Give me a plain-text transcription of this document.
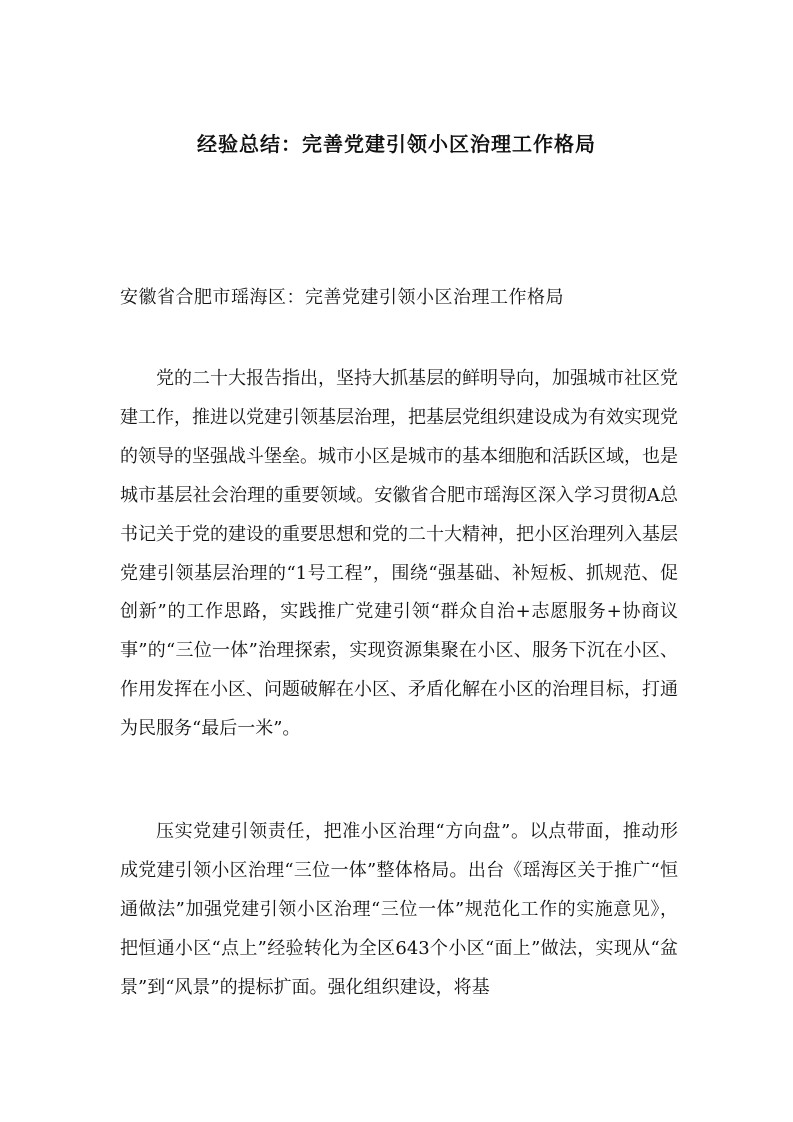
经验总结：完善党建引领小区治理工作格局
安徽省合肥市瑶海区：完善党建引领小区治理工作格局

党的二十大报告指出，坚持大抓基层的鲜明导向，加强城市社区党建工作，推进以党建引领基层治理，把基层党组织建设成为有效实现党的领导的坚强战斗堡垒。城市小区是城市的基本细胞和活跃区域，也是城市基层社会治理的重要领域。安徽省合肥市瑶海区深入学习贯彻A总书记关于党的建设的重要思想和党的二十大精神，把小区治理列入基层党建引领基层治理的“1号工程”，围绕“强基础、补短板、抓规范、促创新”的工作思路，实践推广党建引领“群众自治+志愿服务+协商议事”的“三位一体”治理探索，实现资源集聚在小区、服务下沉在小区、作用发挥在小区、问题破解在小区、矛盾化解在小区的治理目标，打通为民服务“最后一米”。

压实党建引领责任，把准小区治理“方向盘”。以点带面，推动形成党建引领小区治理“三位一体”整体格局。出台《瑶海区关于推广“恒通做法”加强党建引领小区治理“三位一体”规范化工作的实施意见》，把恒通小区“点上”经验转化为全区643个小区“面上”做法，实现从“盆景”到“风景”的提标扩面。强化组织建设，将基
